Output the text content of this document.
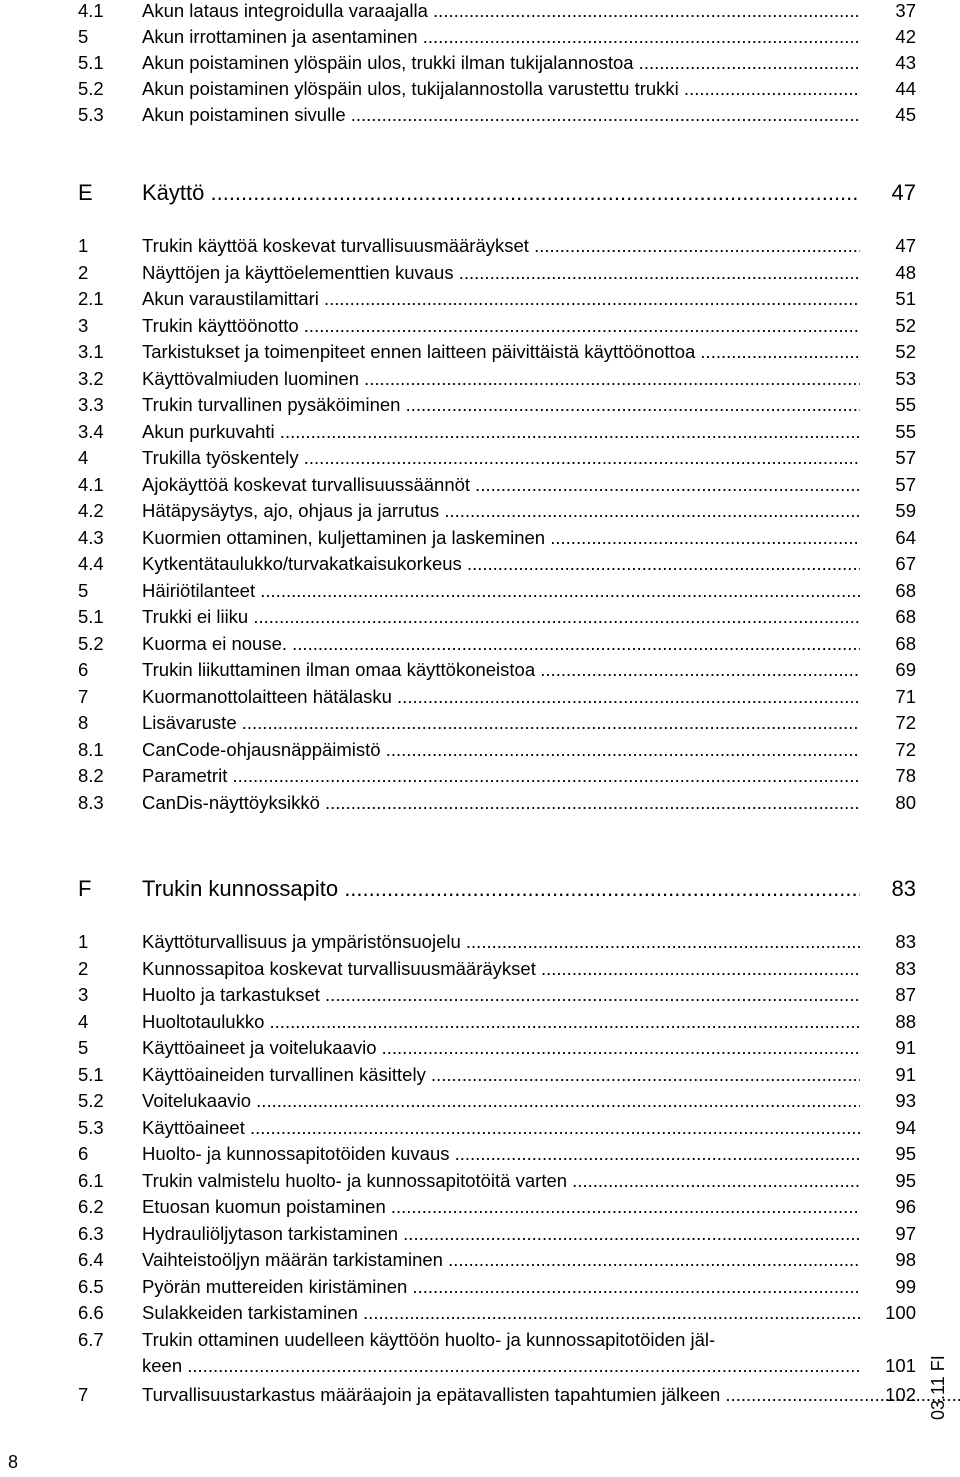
4.1 Akun lataus integroidulla varaajalla .....	37
5	Akun irrottaminen ja asentaminen .....	42
5.1 Akun poistaminen ylöspäin ulos, trukki ilman tukijalannostoa .....	43
5.2 Akun poistaminen ylöspäin ulos, tukijalannostolla varustettu trukki .....	44
5.3 Akun poistaminen sivulle .....	45
E Käyttö .....	47
1	Trukin käyttöä koskevat turvallisuusmääräykset .....	47
2	Näyttöjen ja käyttöelementtien kuvaus .....	48
2.1 Akun varaustilamittari .....	51
3	Trukin käyttöönotto .....	52
3.1 Tarkistukset ja toimenpiteet ennen laitteen päivittäistä käyttöönottoa .....	52
3.2 Käyttövalmiuden luominen .....	53
3.3 Trukin turvallinen pysäköiminen .....	55
3.4 Akun purkuvahti .....	55
4	Trukilla työskentely .....	57
4.1 Ajokäyttöä koskevat turvallisuussäännöt .....	57
4.2 Hätäpysäytys, ajo, ohjaus ja jarrutus .....	59
4.3 Kuormien ottaminen, kuljettaminen ja laskeminen .....	64
4.4 Kytkentätaulukko/turvakatkaisukorkeus .....	67
5	Häiriötilanteet .....	68
5.1 Trukki ei liiku .....	68
5.2 Kuorma ei nouse. .....	68
6	Trukin liikuttaminen ilman omaa käyttökoneistoa .....	69
7	Kuormanottolaitteen hätälasku .....	71
8	Lisävaruste .....	72
8.1 CanCode-ohjausnäppäimistö .....	72
8.2 Parametrit .....	78
8.3 CanDis-näyttöyksikkö .....	80
F Trukin kunnossapito .....	83
1	Käyttöturvallisuus ja ympäristönsuojelu .....	83
2	Kunnossapitoa koskevat turvallisuusmääräykset .....	83
3	Huolto ja tarkastukset .....	87
4	Huoltotaulukko .....	88
5	Käyttöaineet ja voitelukaavio .....	91
5.1 Käyttöaineiden turvallinen käsittely .....	91
5.2 Voitelukaavio .....	93
5.3 Käyttöaineet .....	94
6	Huolto- ja kunnossapitotöiden kuvaus .....	95
6.1 Trukin valmistelu huolto- ja kunnossapitotöitä varten .....	95
6.2 Etuosan kuomun poistaminen .....	96
6.3 Hydrauliöljytason tarkistaminen .....	97
6.4 Vaihteistoöljyn määrän tarkistaminen .....	98
6.5 Pyörän muttereiden kiristäminen .....	99
6.6 Sulakkeiden tarkistaminen .....	100
6.7 Trukin ottaminen uudelleen käyttöön huolto- ja kunnossapitotöiden jäl-
keen .....	101
7	Turvallisuustarkastus määräajoin ja epätavallisten tapahtumien jälkeen .....	102 03.11 FI
8
